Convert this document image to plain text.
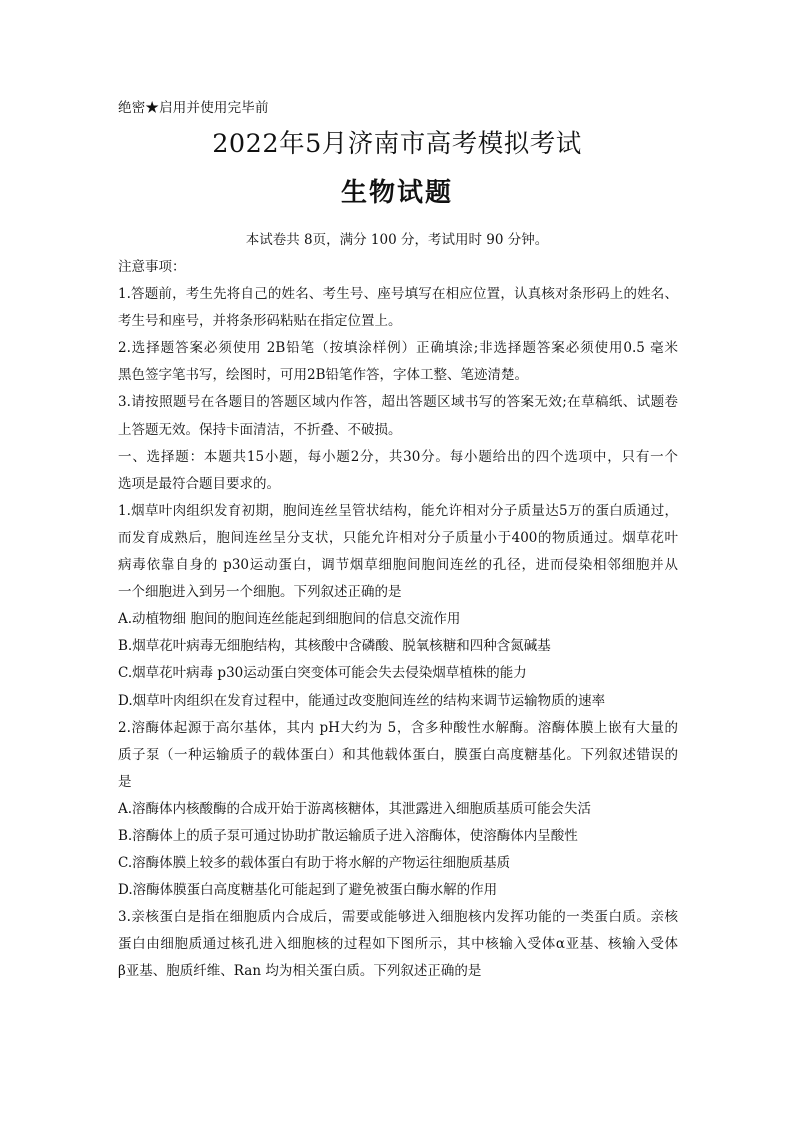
绝密★启用并使用完毕前
2022年5月济南市高考模拟考试
生物试题
本试卷共 8页，满分 100 分，考试用时 90 分钟。
注意事项：
1.答题前，考生先将自己的姓名、考生号、座号填写在相应位置，认真核对条形码上的姓名、
考生号和座号，并将条形码粘贴在指定位置上。
2.选择题答案必须使用 2B铅笔（按填涂样例）正确填涂;非选择题答案必须使用0.5 毫米
黑色签字笔书写，绘图时，可用2B铅笔作答，字体工整、笔迹清楚。
3.请按照题号在各题目的答题区域内作答，超出答题区域书写的答案无效;在草稿纸、试题卷
上答题无效。保持卡面清洁，不折叠、不破损。
一、选择题：本题共15小题，每小题2分，共30分。每小题给出的四个选项中，只有一个
选项是最符合题目要求的。
1.烟草叶肉组织发育初期，胞间连丝呈管状结构，能允许相对分子质量达5万的蛋白质通过，
而发育成熟后，胞间连丝呈分支状，只能允许相对分子质量小于400的物质通过。烟草花叶
病毒依靠自身的 p30运动蛋白，调节烟草细胞间胞间连丝的孔径，进而侵染相邻细胞并从
一个细胞进入到另一个细胞。下列叙述正确的是
A.动植物细 胞间的胞间连丝能起到细胞间的信息交流作用
B.烟草花叶病毒无细胞结构，其核酸中含磷酸、脱氧核糖和四种含氮碱基
C.烟草花叶病毒 p30运动蛋白突变体可能会失去侵染烟草植株的能力
D.烟草叶肉组织在发育过程中，能通过改变胞间连丝的结构来调节运输物质的速率
2.溶酶体起源于高尔基体，其内 pH大约为 5，含多种酸性水解酶。溶酶体膜上嵌有大量的
质子泵（一种运输质子的载体蛋白）和其他载体蛋白，膜蛋白高度糖基化。下列叙述错误的
是
A.溶酶体内核酸酶的合成开始于游离核糖体，其泄露进入细胞质基质可能会失活
B.溶酶体上的质子泵可通过协助扩散运输质子进入溶酶体，使溶酶体内呈酸性
C.溶酶体膜上较多的载体蛋白有助于将水解的产物运往细胞质基质
D.溶酶体膜蛋白高度糖基化可能起到了避免被蛋白酶水解的作用
3.亲核蛋白是指在细胞质内合成后，需要或能够进入细胞核内发挥功能的一类蛋白质。亲核
蛋白由细胞质通过核孔进入细胞核的过程如下图所示，其中核输入受体α亚基、核输入受体
β亚基、胞质纤维、Ran 均为相关蛋白质。下列叙述正确的是
